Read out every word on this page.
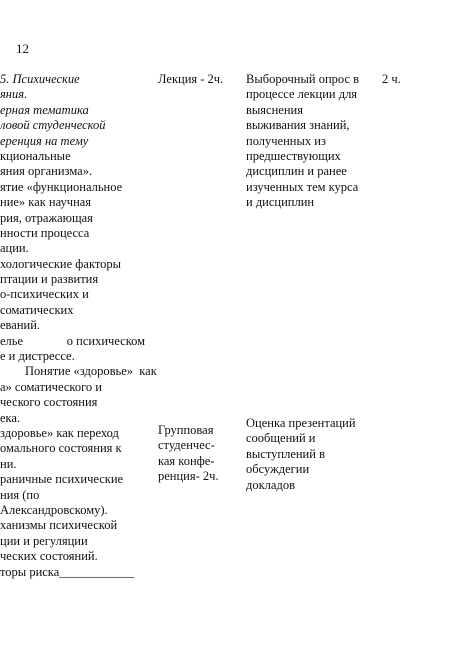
12
5. Психические
яния.
ерная тематика
ловой студенческой
еренция на тему
кциональные
яния организма».
ятие «функциональное
ние» как научная
рия, отражающая
нности процесса
ации.
хологические факторы
птации и развития
о-психических и
соматических
еваний.
елье              о психическом
е и дистрессе.
Понятие «здоровье»  как
а» соматического и
ческого состояния
ека.
здоровье» как переход
омального состояния к
ни.
раничные психические
ния (по
Александровскому).
ханизмы психической
ции и регуляции
ческих состояний.
торы риска____________
Лекция - 2ч.
Групповая
студенчес-
кая конфе-
ренция- 2ч.
Выборочный опрос в
процессе лекции для
выяснения
выживания знаний,
полученных из
предшествующих
дисциплин и ранее
изученных тем курса
и дисциплин
Оценка презентаций
сообщений и
выступлений в
обсуждегии
докладов
2 ч.
